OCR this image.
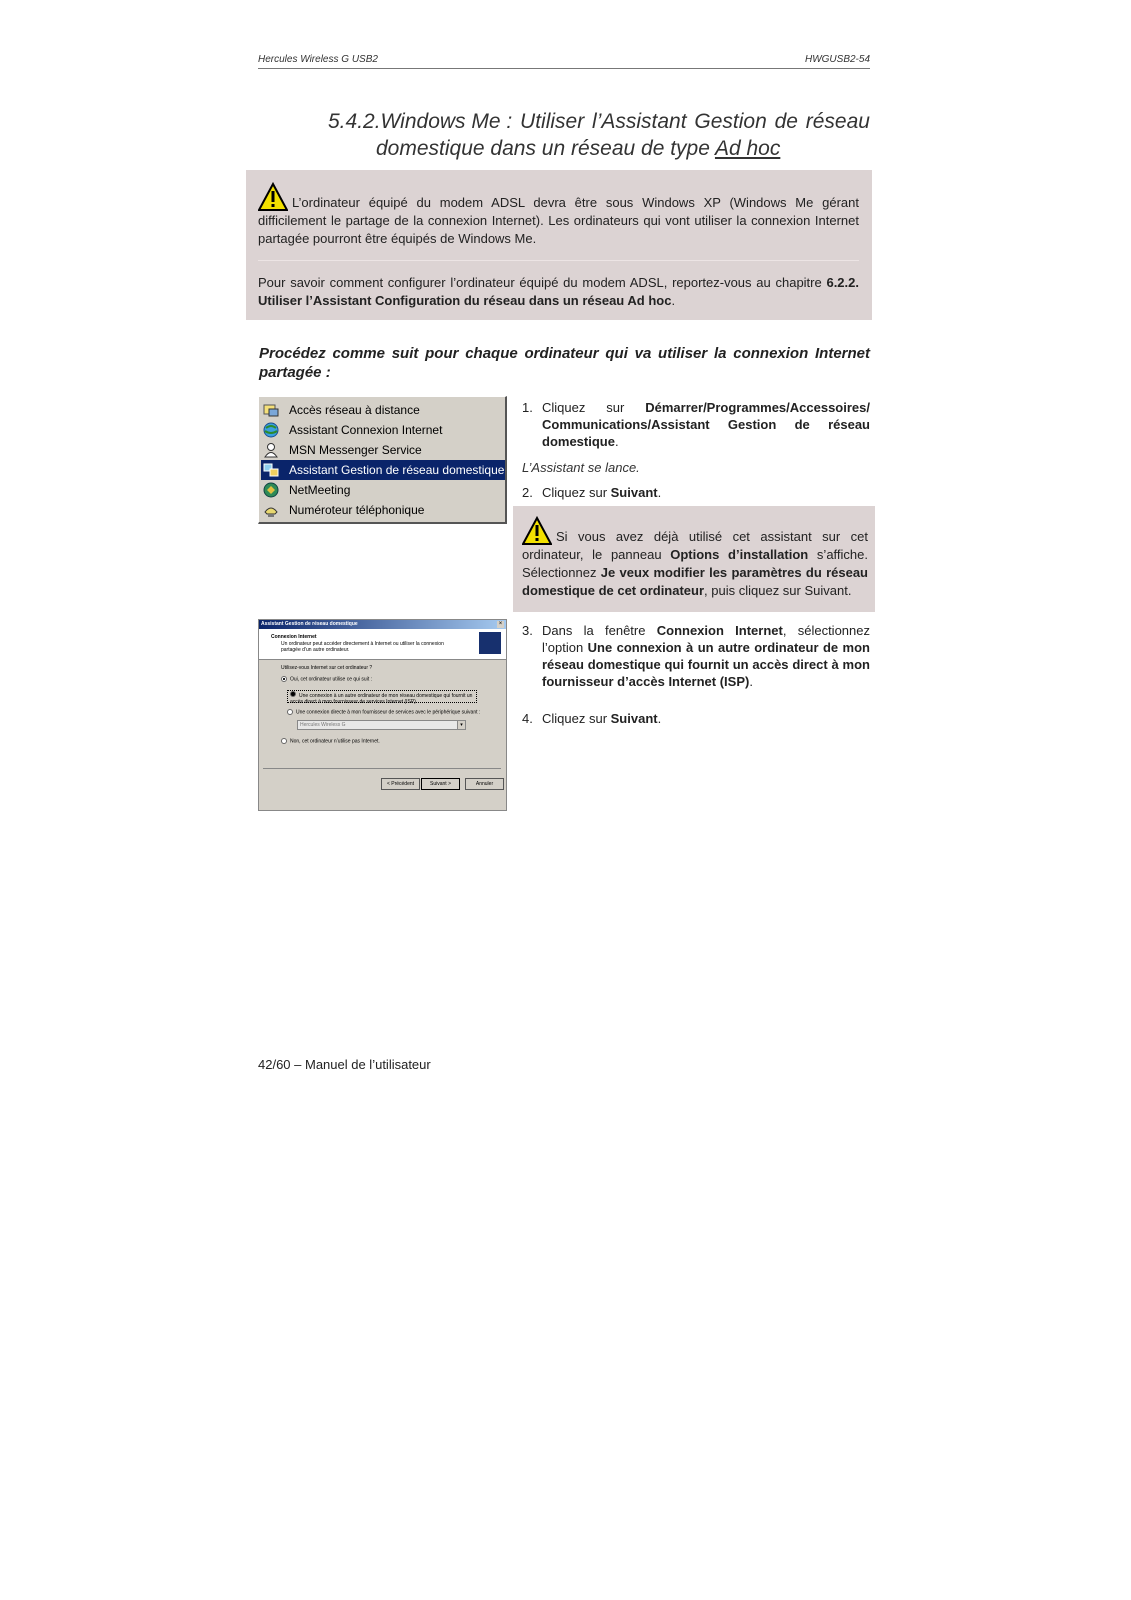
Hercules Wireless G USB2	HWGUSB2-54
5.4.2.Windows Me : Utiliser l’Assistant Gestion de réseau
domestique dans un réseau de type Ad hoc
L’ordinateur équipé du modem ADSL devra être sous Windows XP (Windows Me gérant difficilement le partage de la connexion Internet). Les ordinateurs qui vont utiliser la connexion Internet partagée pourront être équipés de Windows Me.
Pour savoir comment configurer l’ordinateur équipé du modem ADSL, reportez-vous au chapitre 6.2.2. Utiliser l’Assistant Configuration du réseau dans un réseau Ad hoc.
Procédez comme suit pour chaque ordinateur qui va utiliser la connexion Internet partagée :
Accès réseau à distance
Assistant Connexion Internet
MSN Messenger Service
Assistant Gestion de réseau domestique
NetMeeting
Numéroteur téléphonique
1. Cliquez sur Démarrer/Programmes/Accessoires/ Communications/Assistant Gestion de réseau domestique.
L’Assistant se lance.
2. Cliquez sur Suivant.
Si vous avez déjà utilisé cet assistant sur cet ordinateur, le panneau Options d’installation s’affiche. Sélectionnez Je veux modifier les paramètres du réseau domestique de cet ordinateur, puis cliquez sur Suivant.
3. Dans la fenêtre Connexion Internet, sélectionnez l’option Une connexion à un autre ordinateur de mon réseau domestique qui fournit un accès direct à mon fournisseur d’accès Internet (ISP).
4. Cliquez sur Suivant.
Assistant Gestion de réseau domestique	×
Connexion Internet
Un ordinateur peut accéder directement à Internet ou utiliser la connexion partagée d’un autre ordinateur.
Utilisez-vous Internet sur cet ordinateur ?
Oui, cet ordinateur utilise ce qui suit :
Une connexion à un autre ordinateur de mon réseau domestique qui fournit un accès direct à mon fournisseur de services Internet (ISP)
Une connexion directe à mon fournisseur de services avec le périphérique suivant :
Hercules Wireless G	▾
Non, cet ordinateur n’utilise pas Internet.
< Précédent	Suivant >	Annuler
42/60 – Manuel de l’utilisateur
